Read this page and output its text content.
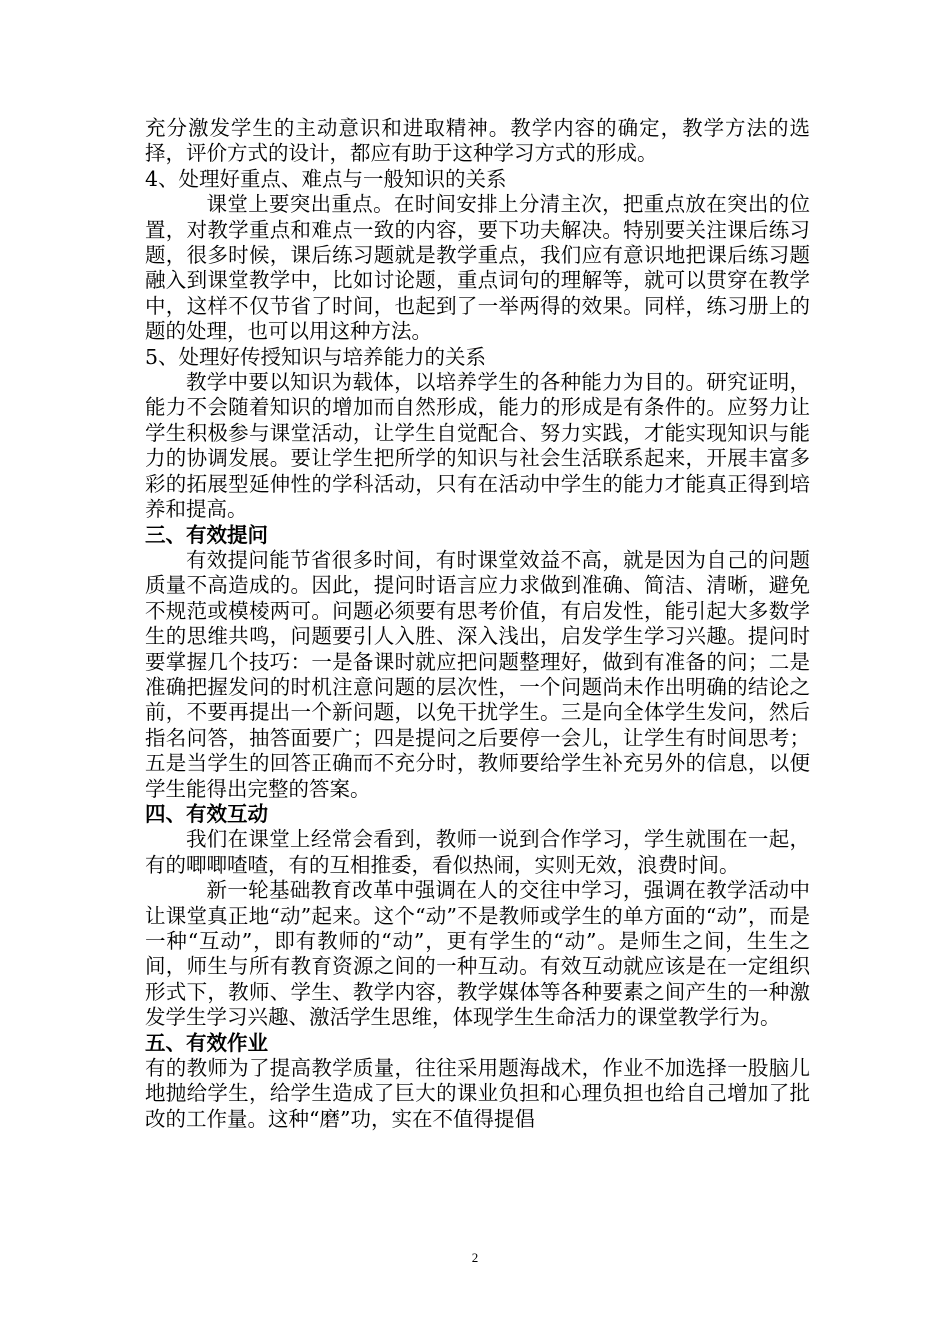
充分激发学生的主动意识和进取精神。教学内容的确定，教学方法的选择，评价方式的设计，都应有助于这种学习方式的形成。

4、处理好重点、难点与一般知识的关系

课堂上要突出重点。在时间安排上分清主次，把重点放在突出的位置，对教学重点和难点一致的内容，要下功夫解决。特别要关注课后练习题，很多时候，课后练习题就是教学重点，我们应有意识地把课后练习题融入到课堂教学中，比如讨论题，重点词句的理解等，就可以贯穿在教学中，这样不仅节省了时间，也起到了一举两得的效果。同样，练习册上的题的处理，也可以用这种方法。

5、处理好传授知识与培养能力的关系

教学中要以知识为载体，以培养学生的各种能力为目的。研究证明，能力不会随着知识的增加而自然形成，能力的形成是有条件的。应努力让学生积极参与课堂活动，让学生自觉配合、努力实践，才能实现知识与能力的协调发展。要让学生把所学的知识与社会生活联系起来，开展丰富多彩的拓展型延伸性的学科活动，只有在活动中学生的能力才能真正得到培养和提高。

三、有效提问

有效提问能节省很多时间，有时课堂效益不高，就是因为自己的问题质量不高造成的。因此，提问时语言应力求做到准确、简洁、清晰，避免不规范或模棱两可。问题必须要有思考价值，有启发性，能引起大多数学生的思维共鸣，问题要引人入胜、深入浅出，启发学生学习兴趣。提问时要掌握几个技巧：一是备课时就应把问题整理好，做到有准备的问；二是准确把握发问的时机注意问题的层次性，一个问题尚未作出明确的结论之前，不要再提出一个新问题，以免干扰学生。三是向全体学生发问，然后指名问答，抽答面要广；四是提问之后要停一会儿，让学生有时间思考；五是当学生的回答正确而不充分时，教师要给学生补充另外的信息，以便学生能得出完整的答案。

四、有效互动

我们在课堂上经常会看到，教师一说到合作学习，学生就围在一起，有的唧唧喳喳，有的互相推委，看似热闹，实则无效，浪费时间。

新一轮基础教育改革中强调在人的交往中学习，强调在教学活动中让课堂真正地“动”起来。这个“动”不是教师或学生的单方面的“动”，而是一种“互动”，即有教师的“动”，更有学生的“动”。是师生之间，生生之间，师生与所有教育资源之间的一种互动。有效互动就应该是在一定组织形式下，教师、学生、教学内容，教学媒体等各种要素之间产生的一种激发学生学习兴趣、激活学生思维，体现学生生命活力的课堂教学行为。

五、有效作业

有的教师为了提高教学质量，往往采用题海战术，作业不加选择一股脑儿地抛给学生，给学生造成了巨大的课业负担和心理负担也给自己增加了批改的工作量。这种“磨”功，实在不值得提倡

2
